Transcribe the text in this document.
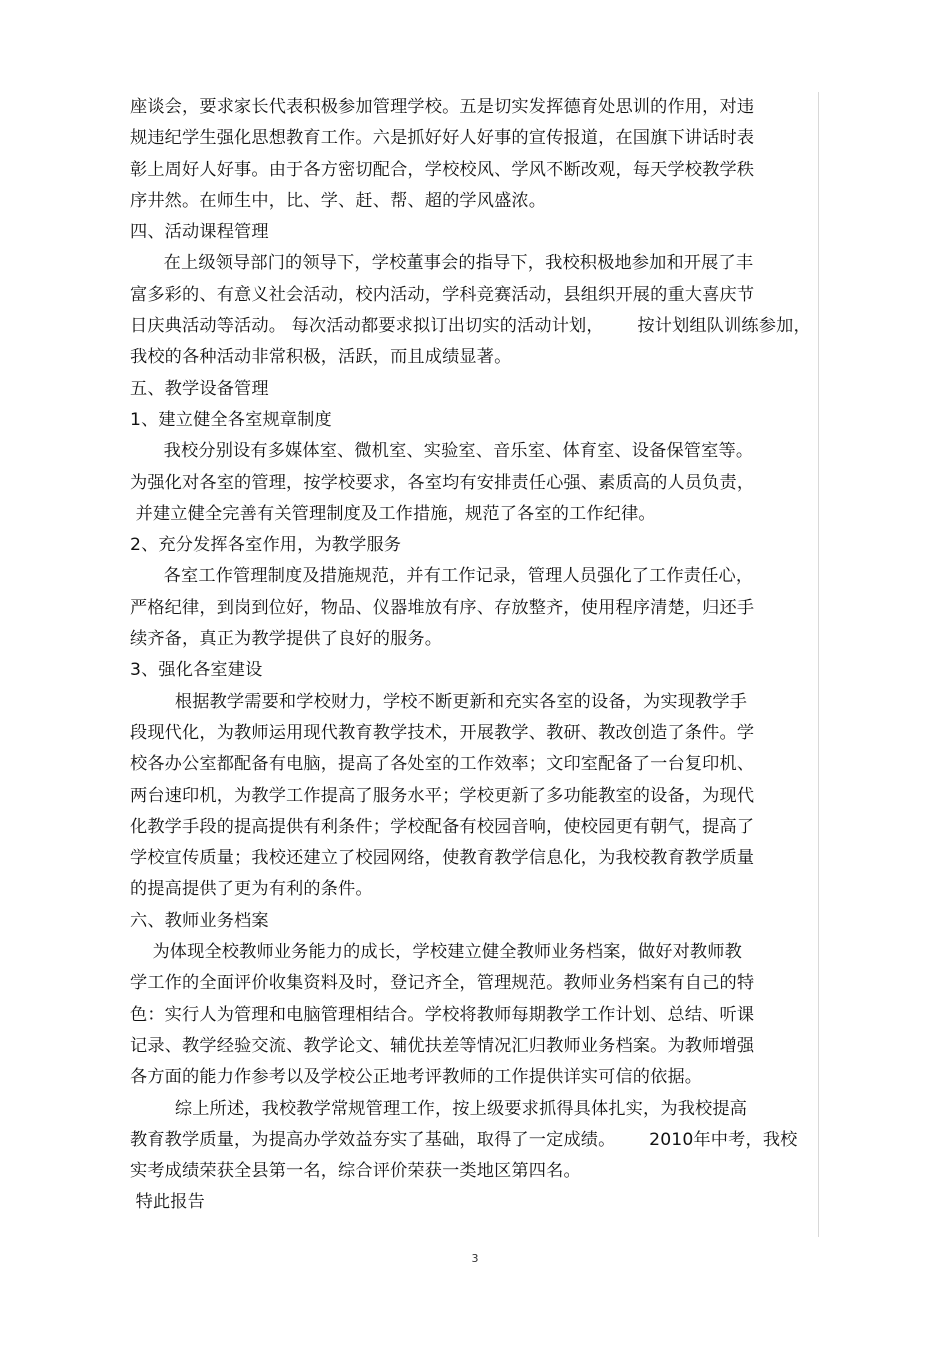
座谈会，要求家长代表积极参加管理学校。五是切实发挥德育处思训的作用，对违
规违纪学生强化思想教育工作。六是抓好好人好事的宣传报道，在国旗下讲话时表
彰上周好人好事。由于各方密切配合，学校校风、学风不断改观，每天学校教学秩
序井然。在师生中，比、学、赶、帮、超的学风盛浓。
四、活动课程管理
在上级领导部门的领导下，学校董事会的指导下，我校积极地参加和开展了丰
富多彩的、有意义社会活动，校内活动，学科竞赛活动，县组织开展的重大喜庆节
日庆典活动等活动。 每次活动都要求拟订出切实的活动计划，      按计划组队训练参加，
我校的各种活动非常积极，活跃，而且成绩显著。
五、教学设备管理
1、建立健全各室规章制度
我校分别设有多媒体室、微机室、实验室、音乐室、体育室、设备保管室等。
为强化对各室的管理，按学校要求，各室均有安排责任心强、素质高的人员负责，
并建立健全完善有关管理制度及工作措施，规范了各室的工作纪律。
2、充分发挥各室作用，为教学服务
各室工作管理制度及措施规范，并有工作记录，管理人员强化了工作责任心，
严格纪律，到岗到位好，物品、仪器堆放有序、存放整齐，使用程序清楚，归还手
续齐备，真正为教学提供了良好的服务。
3、强化各室建设
根据教学需要和学校财力，学校不断更新和充实各室的设备，为实现教学手
段现代化，为教师运用现代教育教学技术，开展教学、教研、教改创造了条件。学
校各办公室都配备有电脑，提高了各处室的工作效率；文印室配备了一台复印机、
两台速印机，为教学工作提高了服务水平；学校更新了多功能教室的设备，为现代
化教学手段的提高提供有利条件；学校配备有校园音响，使校园更有朝气，提高了
学校宣传质量；我校还建立了校园网络，使教育教学信息化，为我校教育教学质量
的提高提供了更为有利的条件。
六、教师业务档案
为体现全校教师业务能力的成长，学校建立健全教师业务档案，做好对教师教
学工作的全面评价收集资料及时，登记齐全，管理规范。教师业务档案有自己的特
色：实行人为管理和电脑管理相结合。学校将教师每期教学工作计划、总结、听课
记录、教学经验交流、教学论文、辅优扶差等情况汇归教师业务档案。为教师增强
各方面的能力作参考以及学校公正地考评教师的工作提供详实可信的依据。
综上所述，我校教学常规管理工作，按上级要求抓得具体扎实，为我校提高
教育教学质量，为提高办学效益夯实了基础，取得了一定成绩。      2010年中考，我校
实考成绩荣获全县第一名，综合评价荣获一类地区第四名。
特此报告
3
